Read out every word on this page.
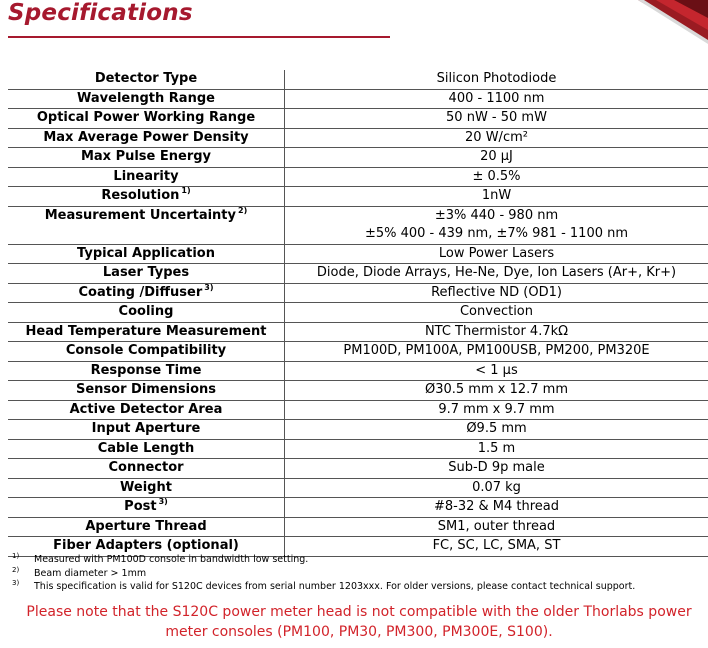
Specifications
Detector Type	Silicon Photodiode

Wavelength Range	400 - 1100 nm

Optical Power Working Range	50 nW - 50 mW

Max Average Power Density	20 W/cm²

Max Pulse Energy	20 µJ

Linearity	± 0.5%

Resolution $^{1)}$	1nW

Measurement Uncertainty $^{2)}$	±3% 440 - 980 nm
±5% 400 - 439 nm, ±7% 981 - 1100 nm

Typical Application	Low Power Lasers

Laser Types	Diode, Diode Arrays, He-Ne, Dye, Ion Lasers (Ar+, Kr+)

Coating /Diffuser $^{3)}$	Reflective ND (OD1)

Cooling	Convection

Head Temperature Measurement	NTC Thermistor 4.7kΩ

Console Compatibility	PM100D, PM100A, PM100USB, PM200, PM320E

Response Time	< 1 µs

Sensor Dimensions	Ø30.5 mm x 12.7 mm

Active Detector Area	9.7 mm x 9.7 mm

Input Aperture	Ø9.5 mm

Cable Length	1.5 m

Connector	Sub-D 9p male

Weight	0.07 kg

Post $^{3)}$	#8-32 & M4 thread

Aperture Thread	SM1, outer thread

Fiber Adapters (optional)	FC, SC, LC, SMA, ST
1) Measured with PM100D console in bandwidth low setting.
2) Beam diameter > 1mm
3) This specification is valid for S120C devices from serial number 1203xxx. For older versions, please contact technical support.
Please note that the S120C power meter head is not compatible with the older Thorlabs power
meter consoles (PM100, PM30, PM300, PM300E, S100).
